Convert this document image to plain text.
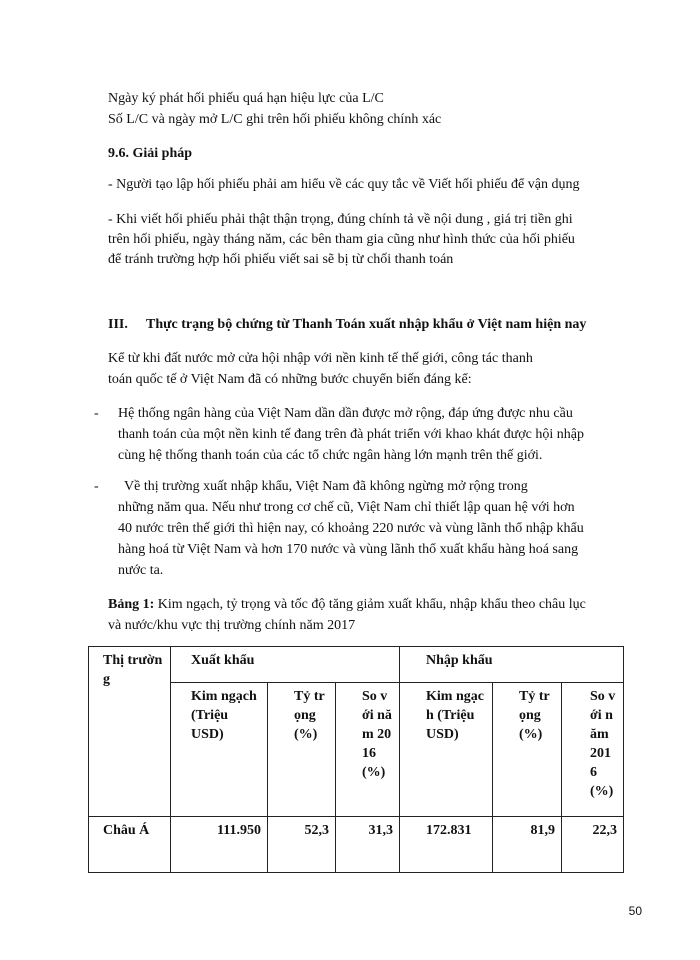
Ngày ký phát hối phiếu quá hạn hiệu lực của L/C
Số L/C và ngày mở L/C ghi trên hối phiếu không chính xác
9.6. Giải pháp
- Người tạo lập hối phiếu phải am hiểu về các quy tắc về Viết hối phiếu để vận dụng
- Khi viết hối phiếu phải thật thận trọng, đúng chính tả về nội dung , giá trị tiền ghi
trên hối phiếu, ngày tháng năm, các bên tham gia cũng như hình thức của hối phiếu
để tránh trường hợp hối phiếu viết sai sẽ bị từ chối thanh toán
III. Thực trạng bộ chứng từ Thanh Toán xuất nhập khẩu ở Việt nam hiện nay
Kể từ khi đất nước mở cửa hội nhập với nền kinh tế thế giới, công tác thanh
toán quốc tế ở Việt Nam đã có những bước chuyển biến đáng kể:
- Hệ thống ngân hàng của Việt Nam dần dần được mở rộng, đáp ứng được nhu cầu
thanh toán của một nền kinh tế đang trên đà phát triển với khao khát được hội nhập
cùng hệ thống thanh toán của các tổ chức ngân hàng lớn mạnh trên thế giới.
- Về thị trường xuất nhập khẩu, Việt Nam đã không ngừng mở rộng trong
những năm qua. Nếu như trong cơ chế cũ, Việt Nam chỉ thiết lập quan hệ với hơn
40 nước trên thế giới thì hiện nay, có khoảng 220 nước và vùng lãnh thổ nhập khẩu
hàng hoá từ Việt Nam và hơn 170 nước và vùng lãnh thổ xuất khẩu hàng hoá sang
nước ta.
Bảng 1: Kim ngạch, tỷ trọng và tốc độ tăng giảm xuất khẩu, nhập khẩu theo châu lục
và nước/khu vực thị trường chính năm 2017
Thị trường	Xuất khẩu			Nhập khẩu		
	Kim ngạch (Triệu USD)	Tỷ trọng (%)	So với năm 2016 (%)	Kim ngạch (Triệu USD)	Tỷ trọng (%)	So với năm 2016 (%)
Châu Á	111.950	52,3	31,3	172.831	81,9	22,3
50
